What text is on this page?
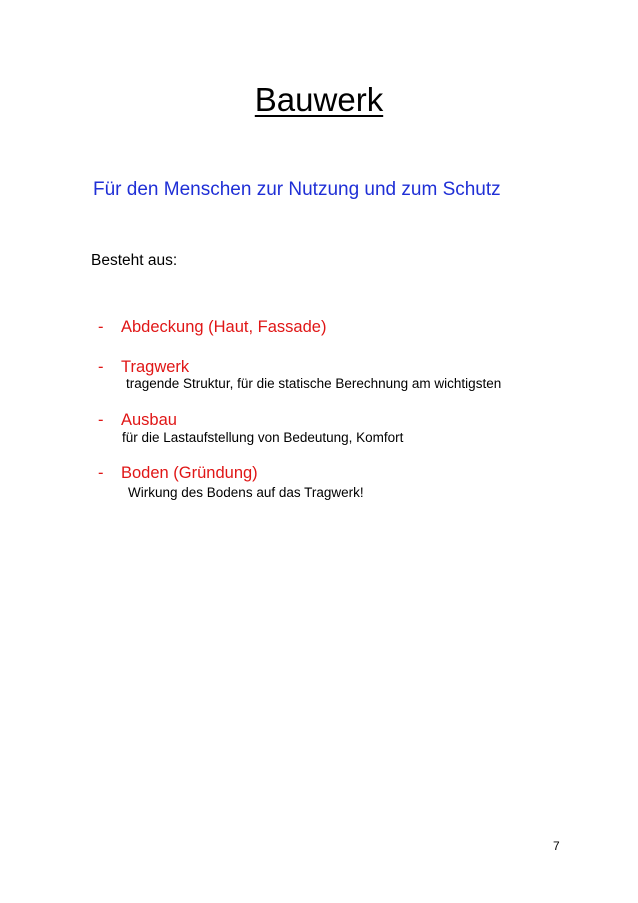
Bauwerk
Für den Menschen zur Nutzung und zum Schutz
Besteht aus:
- Abdeckung (Haut, Fassade)
- Tragwerk
tragende Struktur, für die statische Berechnung am wichtigsten
- Ausbau
für die Lastaufstellung von Bedeutung, Komfort
- Boden (Gründung)
Wirkung des Bodens auf das Tragwerk!
7
